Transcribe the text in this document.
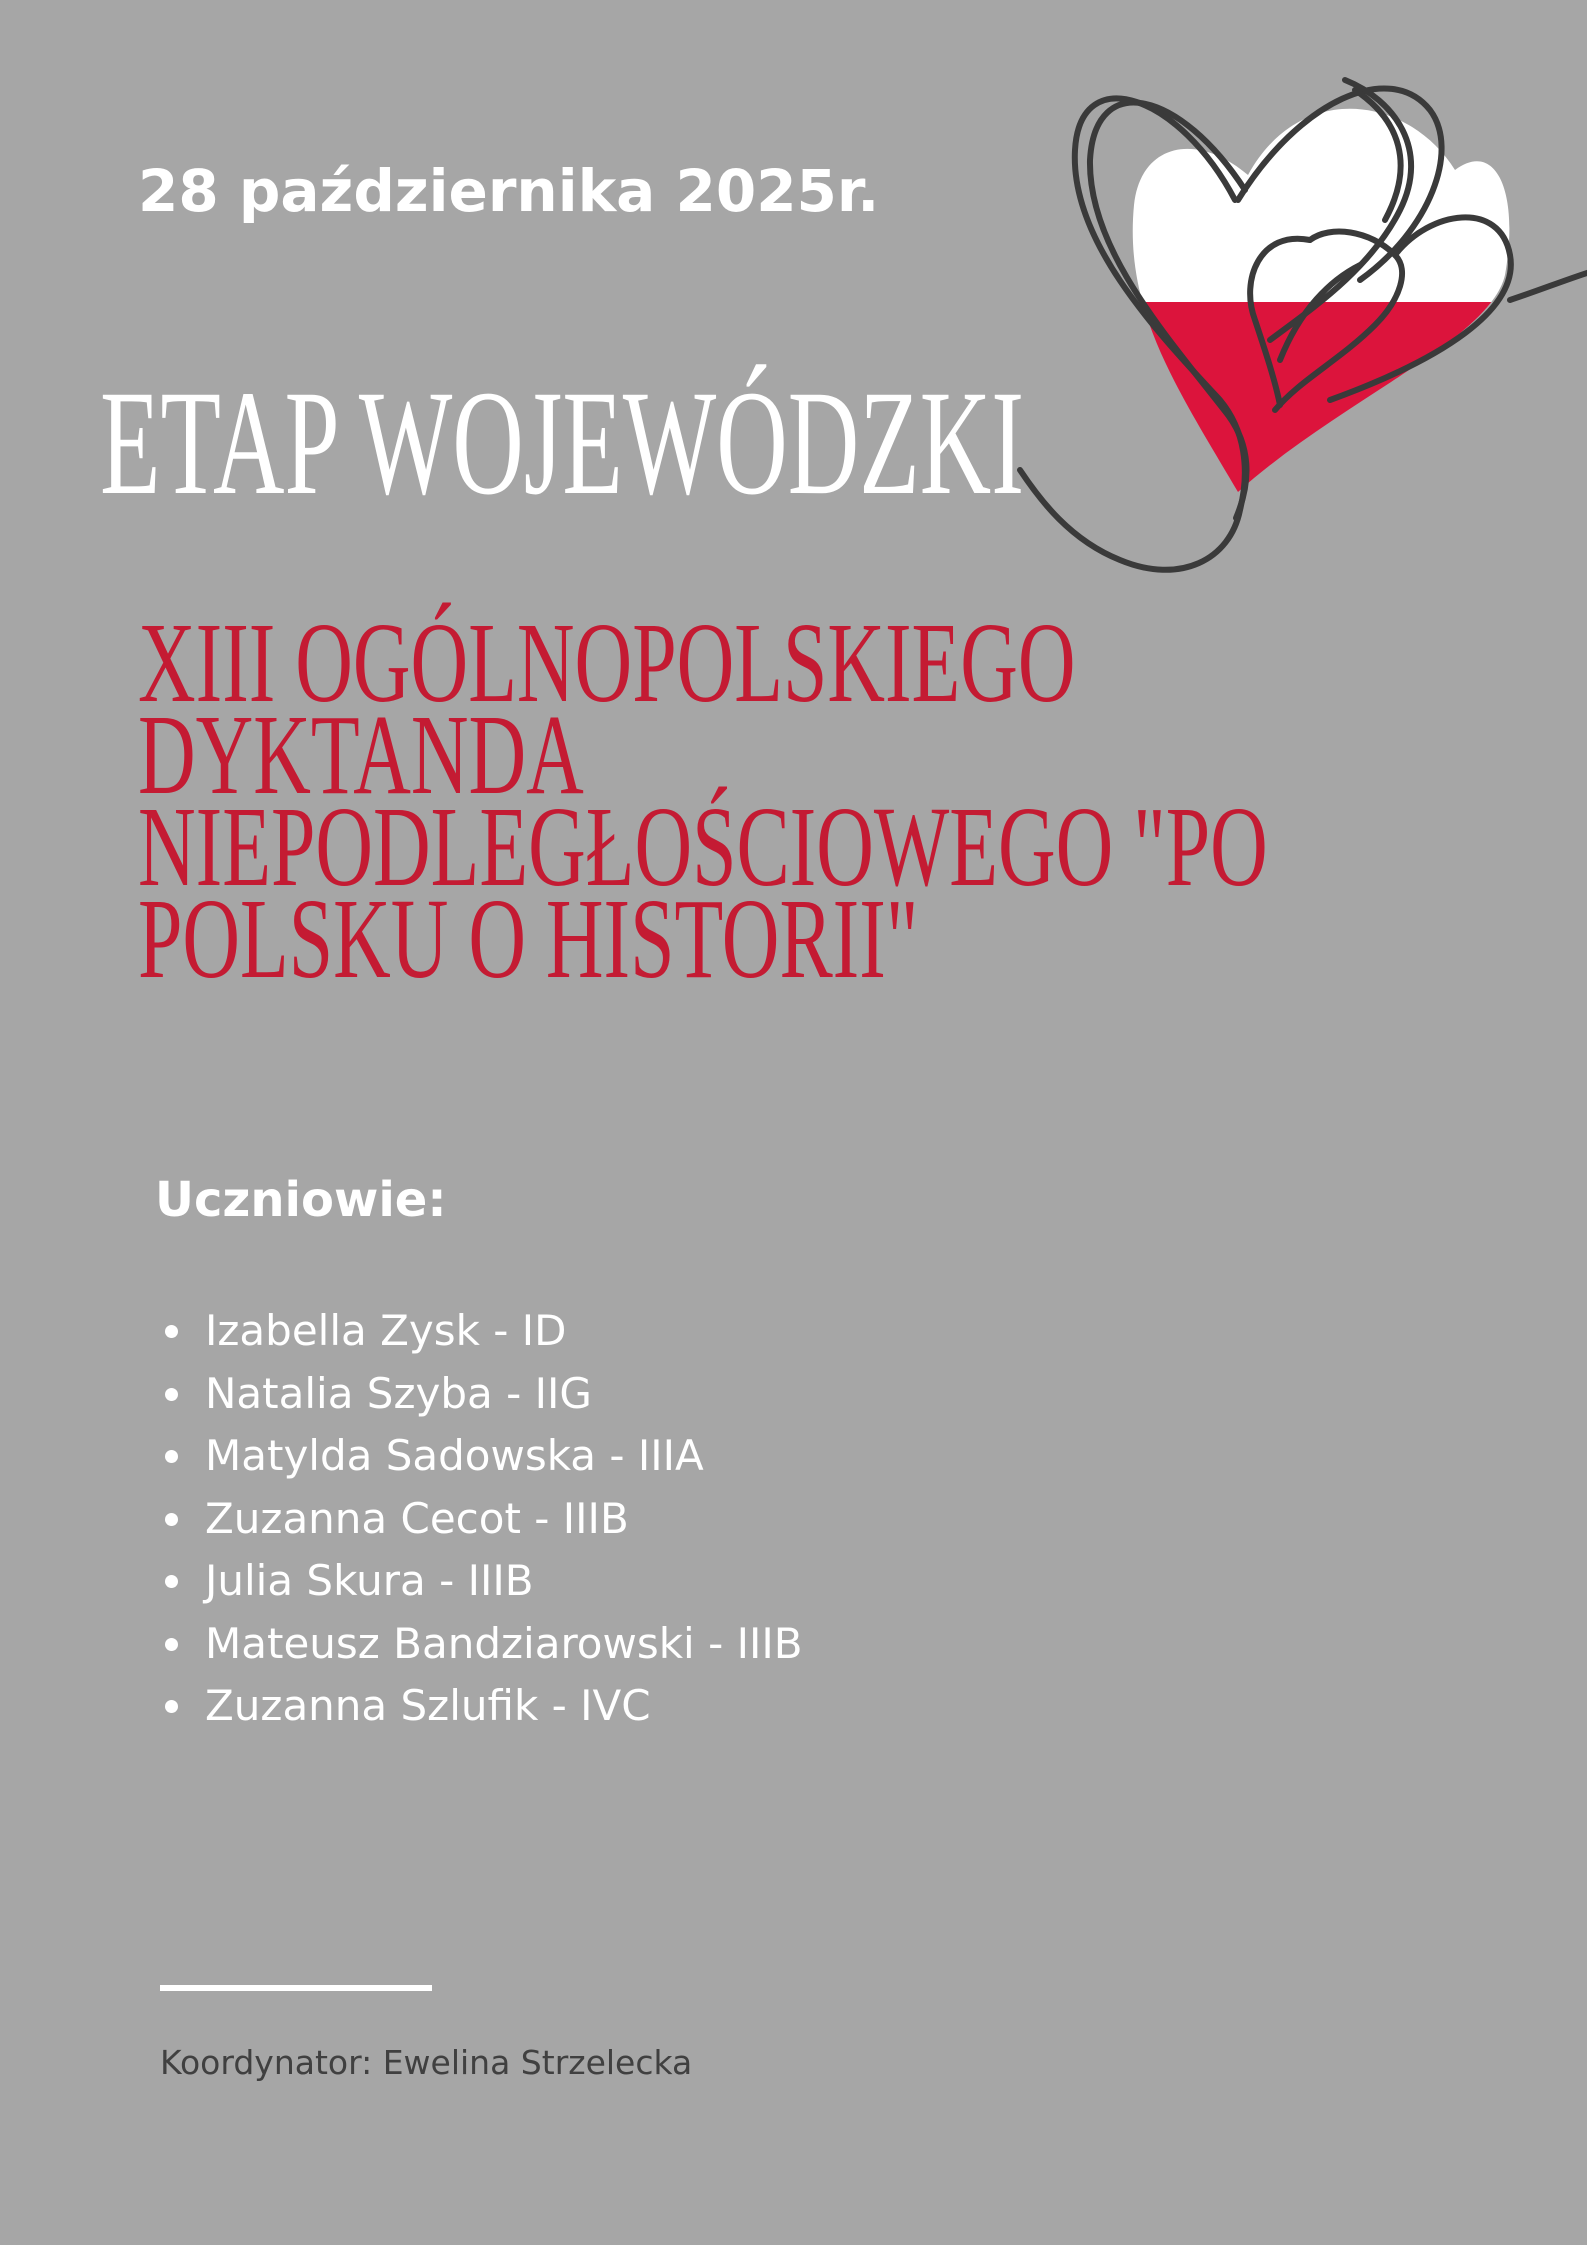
28 października 2025r.
ETAP WOJEWÓDZKI
XIII OGÓLNOPOLSKIEGO
DYKTANDA
NIEPODLEGŁOŚCIOWEGO "PO
POLSKU O HISTORII"
Uczniowie:
Izabella Zysk - ID
Natalia Szyba - IIG
Matylda Sadowska - IIIA
Zuzanna Cecot - IIIB
Julia Skura - IIIB
Mateusz Bandziarowski - IIIB
Zuzanna Szlufik - IVC

Koordynator: Ewelina Strzelecka
